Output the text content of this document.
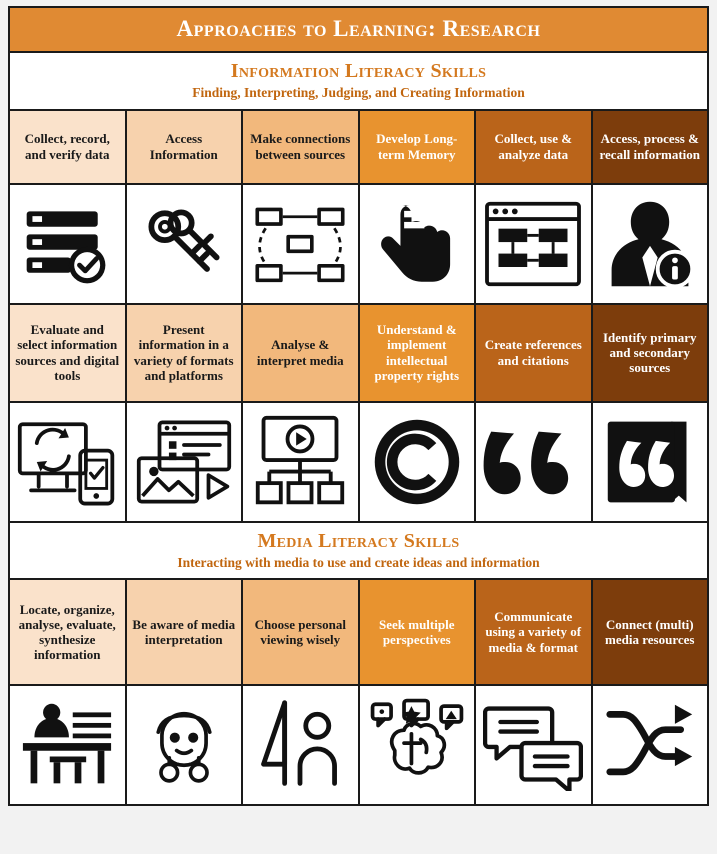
Approaches to Learning: Research
Information Literacy Skills
Finding, Interpreting, Judging, and Creating Information
Collect, record, and verify data
Access Information
Make connections between sources
Develop Long-term Memory
Collect, use & analyze data
Access, process & recall information
Evaluate and select information sources and digital tools
Present information in a variety of formats and platforms
Analyse & interpret media
Understand & implement intellectual property rights
Create references and citations
Identify primary and secondary sources
Media Literacy Skills
Interacting with media to use and create ideas and information
Locate, organize, analyse, evaluate, synthesize information
Be aware of media interpretation
Choose personal viewing wisely
Seek multiple perspectives
Communicate using a variety of media & format
Connect (multi) media resources
